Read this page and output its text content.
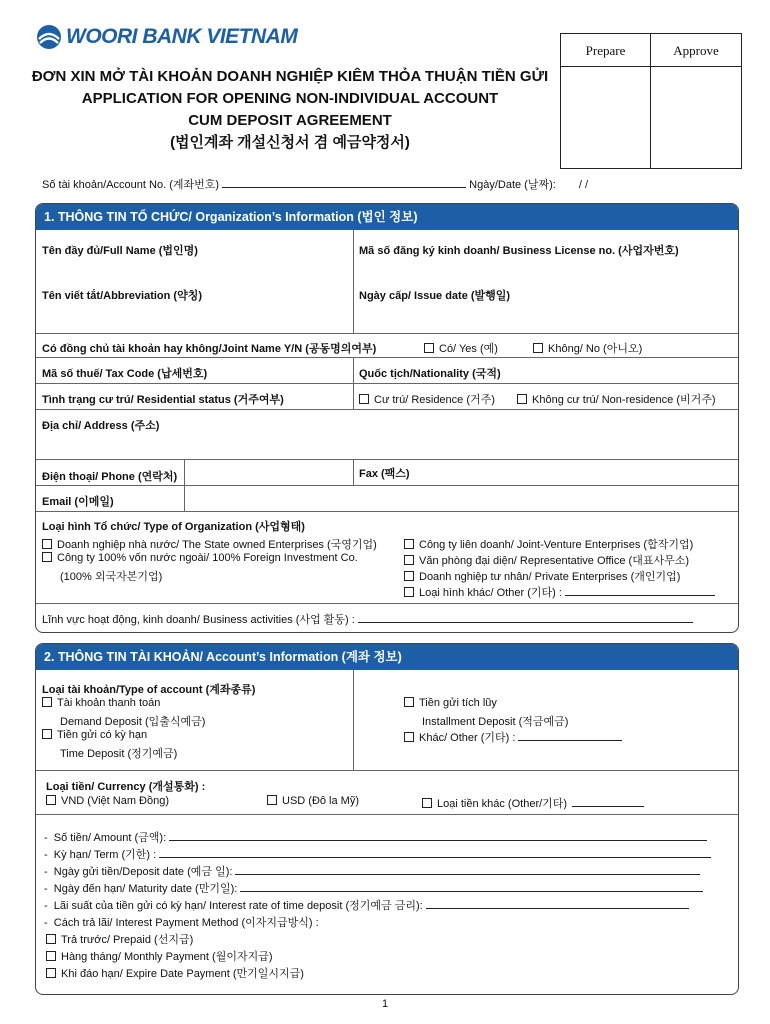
WOORI BANK VIETNAM
Prepare	Approve
ĐƠN XIN MỞ TÀI KHOẢN DOANH NGHIỆP KIÊM THỎA THUẬN TIỀN GỬI
APPLICATION FOR OPENING NON-INDIVIDUAL ACCOUNT
CUM DEPOSIT AGREEMENT
(법인계좌 개설신청서 겸 예금약정서)
Số tài khoản/Account No. (계좌번호)	Ngày/Date (날짜): / /
1. THÔNG TIN TỔ CHỨC/ Organization’s Information (법인 정보)
Tên đầy đủ/Full Name (법인명)	Mã số đăng ký kinh doanh/ Business License no. (사업자번호)
Tên viết tắt/Abbreviation (약칭)	Ngày cấp/ Issue date (발행일)
Có đồng chủ tài khoản hay không/Joint Name Y/N (공동명의여부)	Có/ Yes (예)	Không/ No (아니오)
Mã số thuế/ Tax Code (납세번호)	Quốc tịch/Nationality (국적)
Tình trạng cư trú/ Residential status (거주여부)	Cư trú/ Residence (거주)	Không cư trú/ Non-residence (비거주)
Địa chỉ/ Address (주소)
Điện thoại/ Phone (연락처)	Fax (팩스)
Email (이메일)
Loại hình Tổ chức/ Type of Organization (사업형태)
Doanh nghiệp nhà nước/ The State owned Enterprises (국영기업)
Công ty 100% vốn nước ngoài/ 100% Foreign Investment Co.
(100% 외국자본기업)
Công ty liên doanh/ Joint-Venture Enterprises (합작기업)
Văn phòng đại diện/ Representative Office (대표사무소)
Doanh nghiệp tư nhân/ Private Enterprises (개인기업)
Loại hình khác/ Other (기타) :
Lĩnh vực hoạt động, kinh doanh/ Business activities (사업 활동) :
2. THÔNG TIN TÀI KHOẢN/ Account’s Information (계좌 정보)
Loại tài khoản/Type of account (계좌종류)
Tài khoản thanh toán
Demand Deposit (입출식예금)
Tiền gửi có kỳ hạn
Time Deposit (정기예금)
Tiền gửi tích lũy
Installment Deposit (적금예금)
Khác/ Other (기타) :
Loại tiền/ Currency (개설통화) :
VND (Việt Nam Đồng)	USD (Đô la Mỹ)	Loại tiền khác (Other/기타)
-  Số tiền/ Amount (금액):
-  Kỳ hạn/ Term (기한) :
-  Ngày gửi tiền/Deposit date (예금 일):
-  Ngày đến hạn/ Maturity date (만기일):
-  Lãi suất của tiền gửi có kỳ hạn/ Interest rate of time deposit (정기예금 금리):
-  Cách trả lãi/ Interest Payment Method (이자지급방식) :
Trả trước/ Prepaid (선지급)
Hàng tháng/ Monthly Payment (월이자지급)
Khi đáo hạn/ Expire Date Payment (만기일시지급)
1
